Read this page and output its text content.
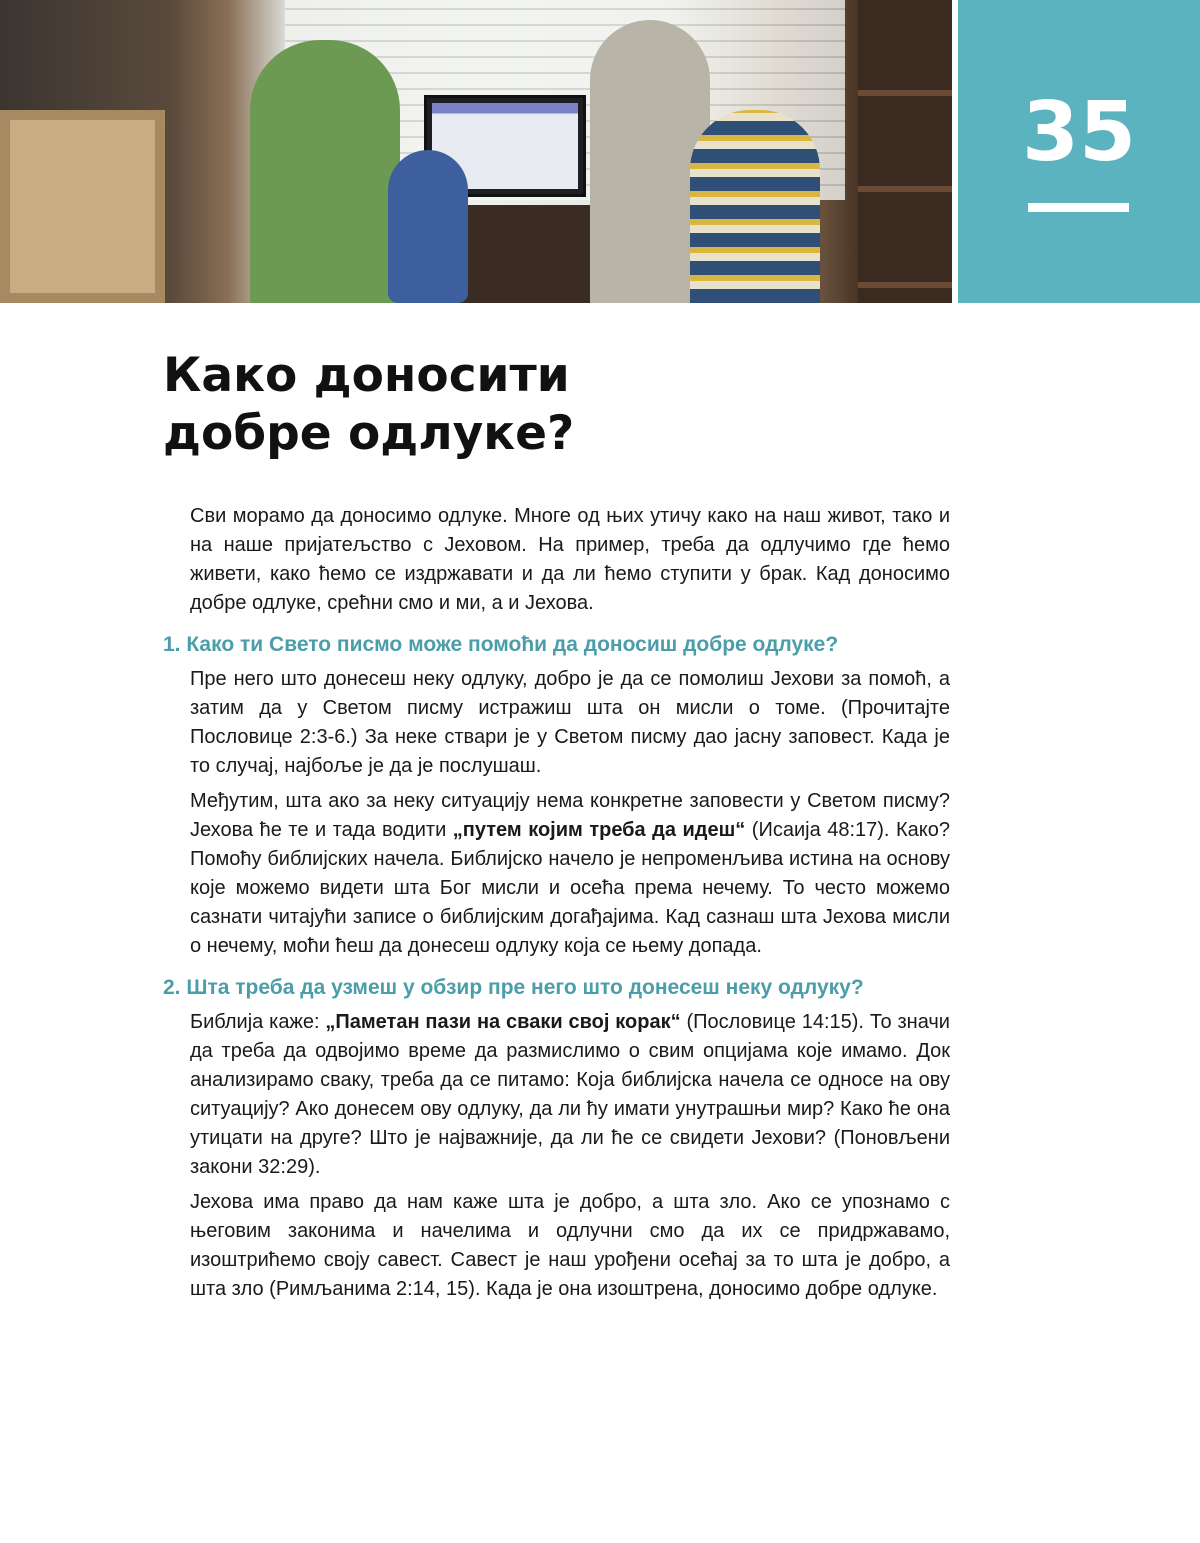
35
Како доносити добре одлуке?

Сви морамо да доносимо одлуке. Многе од њих утичу како на наш живот, тако и на наше пријатељство с Јеховом. На пример, треба да одлучимо где ћемо живети, како ћемо се издржавати и да ли ћемо ступити у брак. Кад доносимо добре одлуке, срећни смо и ми, а и Јехова.

1. Како ти Свето писмо може помоћи да доносиш добре одлуке?

Пре него што донесеш неку одлуку, добро је да се помолиш Јехови за помоћ, а затим да у Светом писму истражиш шта он мисли о томе. (Прочитајте Пословице 2:3-6.) За неке ствари је у Светом писму дао јасну заповест. Када је то случај, најбоље је да је послушаш.

Међутим, шта ако за неку ситуацију нема конкретне заповести у Светом писму? Јехова ће те и тада водити „путем којим треба да идеш“ (Исаија 48:17). Како? Помоћу библијских начела. Библијско начело је непроменљива истина на основу које можемо видети шта Бог мисли и осећа према нечему. То често можемо сазнати читајући записе о библијским догађајима. Кад сазнаш шта Јехова мисли о нечему, моћи ћеш да донесеш одлуку која се њему допада.

2. Шта треба да узмеш у обзир пре него што донесеш неку одлуку?

Библија каже: „Паметан пази на сваки свој корак“ (Пословице 14:15). То значи да треба да одвојимо време да размислимо о свим опцијама које имамо. Док анализирамо сваку, треба да се питамо: Која библијска начела се односе на ову ситуацију? Ако донесем ову одлуку, да ли ћу имати унутрашњи мир? Како ће она утицати на друге? Што је најважније, да ли ће се свидети Јехови? (Поновљени закони 32:29).

Јехова има право да нам каже шта је добро, а шта зло. Ако се упознамо с његовим законима и начелима и одлучни смо да их се придржавамо, изоштрићемо своју савест. Савест је наш урођени осећај за то шта је добро, а шта зло (Римљанима 2:14, 15). Када је она изоштрена, доносимо добре одлуке.
